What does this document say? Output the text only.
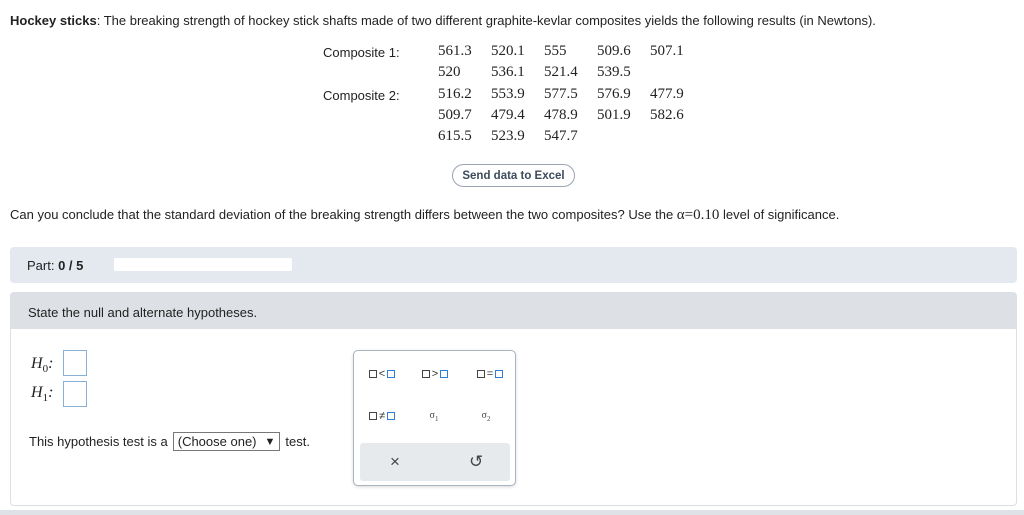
Hockey sticks: The breaking strength of hockey stick shafts made of two different graphite-kevlar composites yields the following results (in Newtons).
Composite 1:	561.3 520.1 555 509.6 507.1
520 536.1 521.4 539.5
Composite 2:	516.2 553.9 577.5 576.9 477.9
509.7 479.4 478.9 501.9 582.6
615.5 523.9 547.7
Send data to Excel
Can you conclude that the standard deviation of the breaking strength differs between the two composites? Use the α=0.10 level of significance.
Part: 0 / 5
State the null and alternate hypotheses.
$H_0$:
$H_1$:
This hypothesis test is a (Choose one) ▼ test.
<	>	=
≠	$\sigma_1$	$\sigma_2$
×	↺
